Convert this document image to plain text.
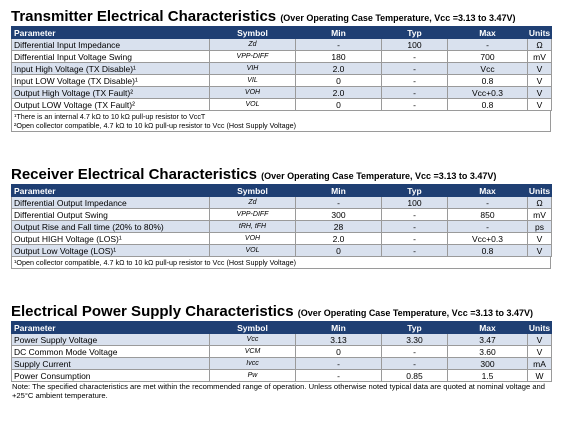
Transmitter Electrical Characteristics (Over Operating Case Temperature, Vcc =3.13 to 3.47V)
Parameter	Symbol	Min	Typ	Max	Units
Differential Input Impedance	Zd	-	100	-	Ω
Differential Input Voltage Swing	VPP-DIFF	180	-	700	mV
Input High Voltage (TX Disable)¹	VIH	2.0	-	Vcc	V
Input LOW Voltage (TX Disable)¹	VIL	0	-	0.8	V
Output High Voltage (TX Fault)²	VOH	2.0	-	Vcc+0.3	V
Output LOW Voltage (TX Fault)²	VOL	0	-	0.8	V
¹There is an internal 4.7 kΩ to 10 kΩ pull-up resistor to VccT
²Open collector compatible, 4.7 kΩ to 10 kΩ pull-up resistor to Vcc (Host Supply Voltage)
Receiver Electrical Characteristics (Over Operating Case Temperature, Vcc =3.13 to 3.47V)
Parameter	Symbol	Min	Typ	Max	Units
Differential Output Impedance	Zd	-	100	-	Ω
Differential Output Swing	VPP-DIFF	300	-	850	mV
Output Rise and Fall time (20% to 80%)	tRH, tFH	28	-	-	ps
Output HIGH Voltage (LOS)¹	VOH	2.0	-	Vcc+0.3	V
Output Low Voltage (LOS)¹	VOL	0	-	0.8	V
¹Open collector compatible, 4.7 kΩ to 10 kΩ pull-up resistor to Vcc (Host Supply Voltage)
Electrical Power Supply Characteristics (Over Operating Case Temperature, Vcc =3.13 to 3.47V)
Parameter	Symbol	Min	Typ	Max	Units
Power Supply Voltage	Vcc	3.13	3.30	3.47	V
DC Common Mode Voltage	VCM	0	-	3.60	V
Supply Current	Ivcc	-	-	300	mA
Power Consumption	Pw	-	0.85	1.5	W
Note: The specified characteristics are met within the recommended range of operation. Unless otherwise noted typical data are quoted at nominal voltage and +25°C ambient temperature.
